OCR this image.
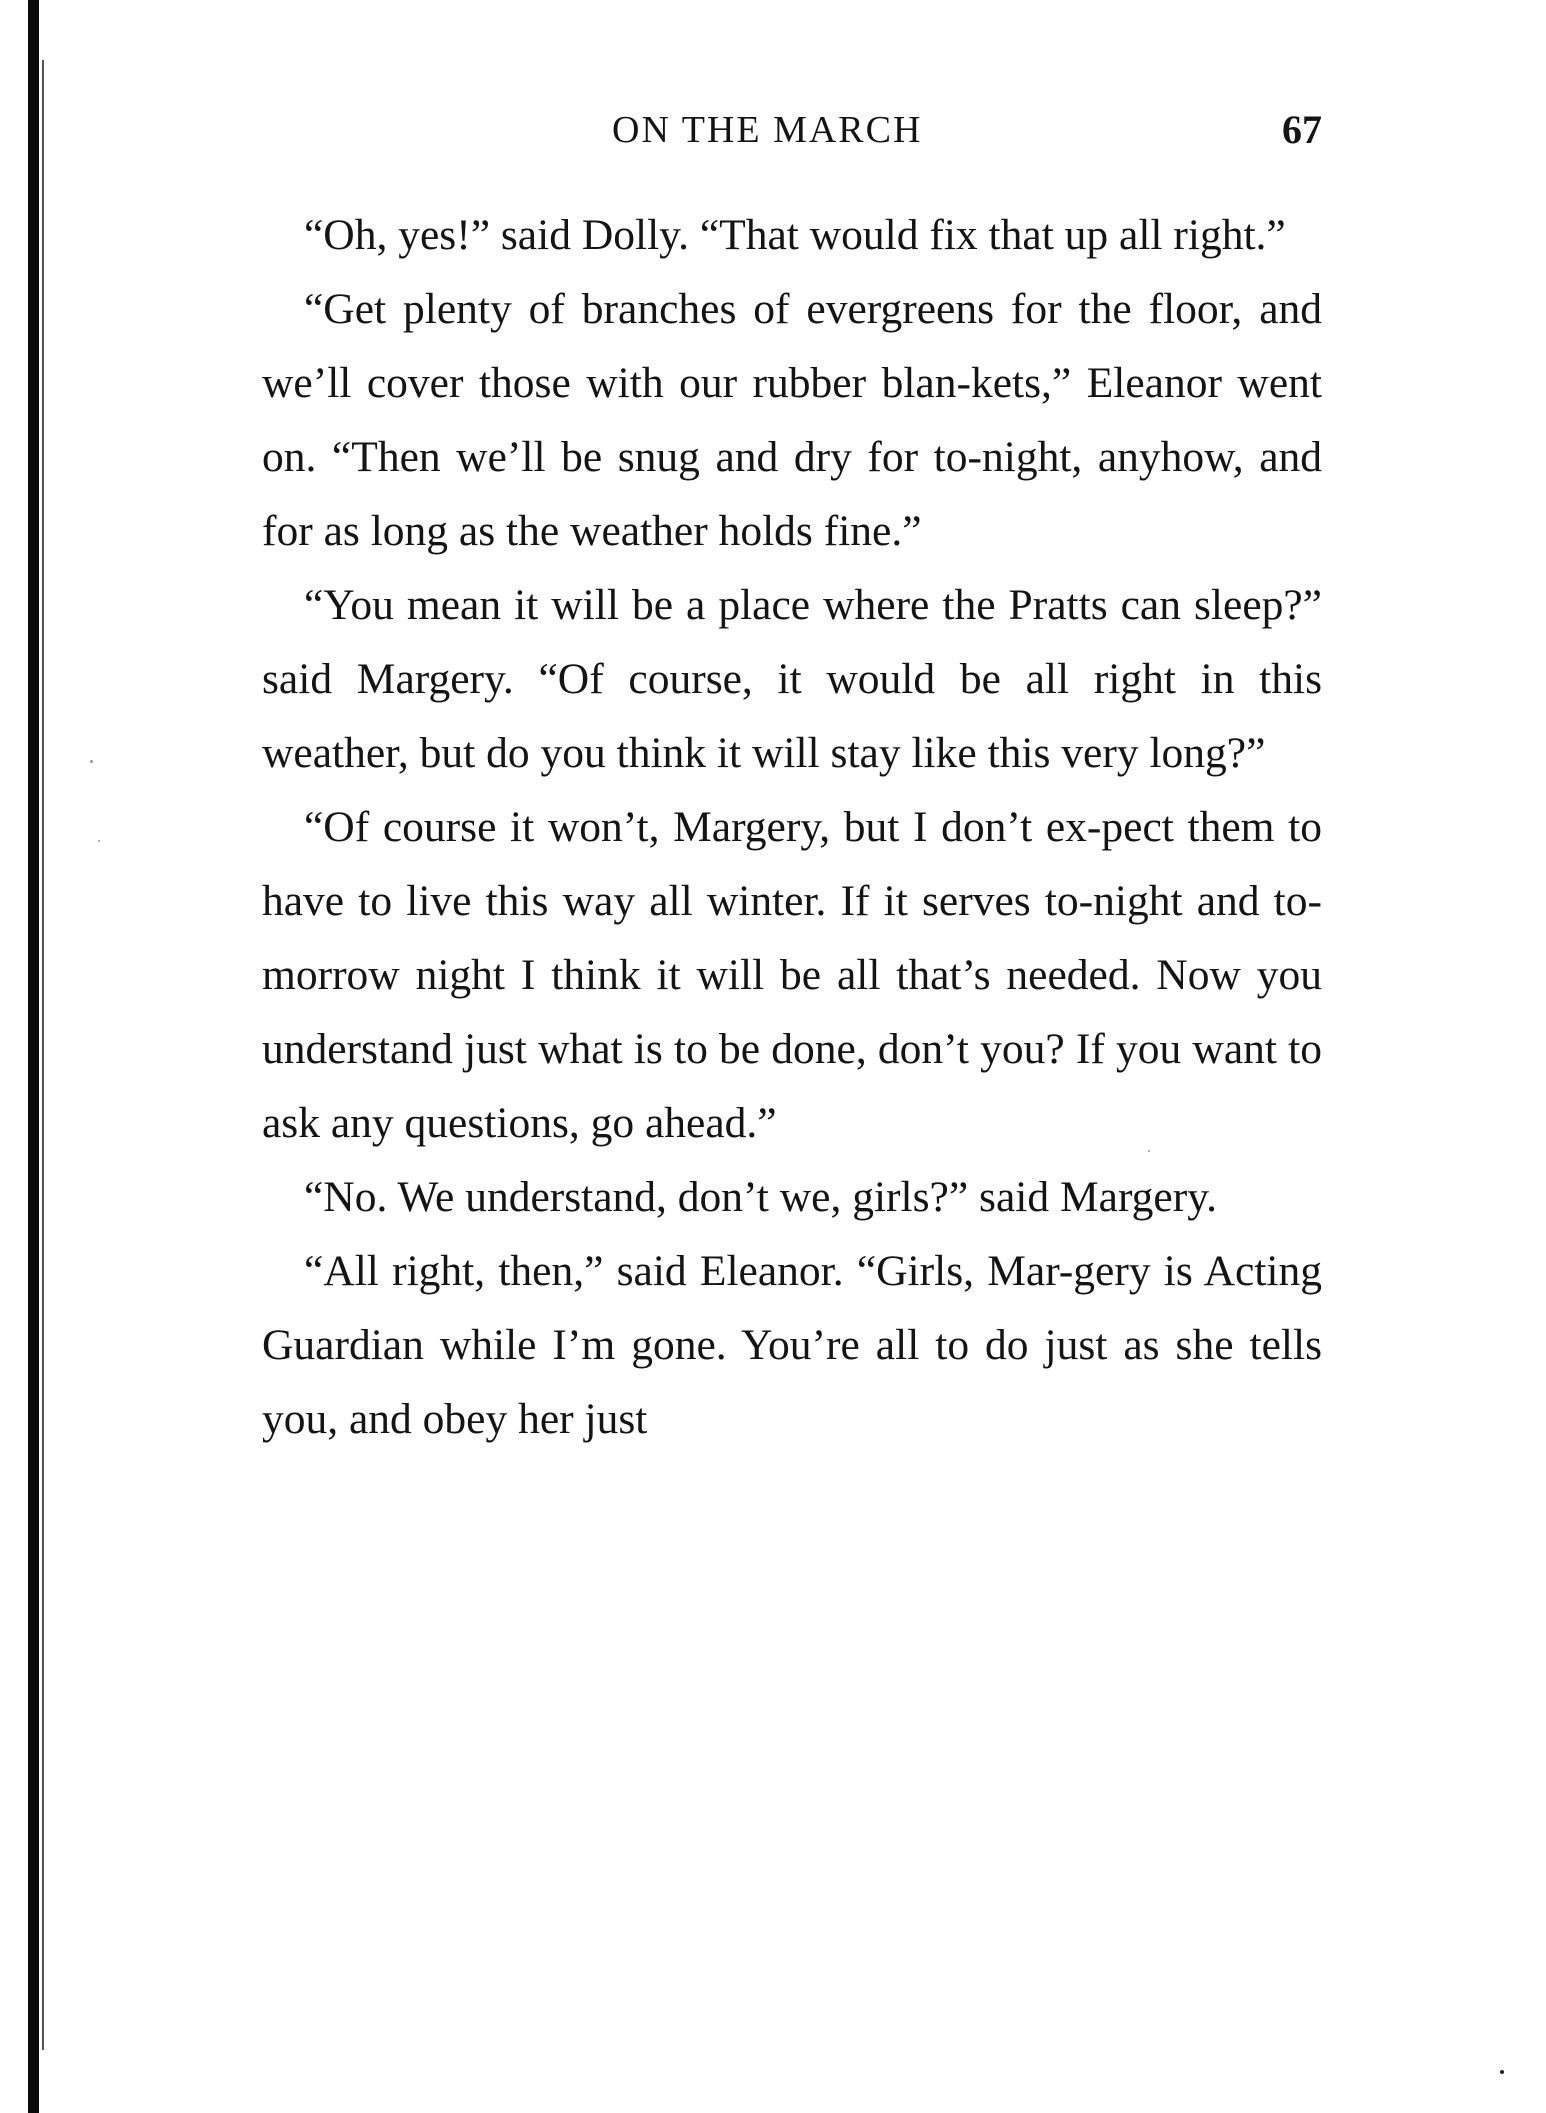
ON THE MARCH	67

“Oh, yes!” said Dolly. “That would fix that up all right.”

“Get plenty of branches of evergreens for the floor, and we’ll cover those with our rubber blan-kets,” Eleanor went on. “Then we’ll be snug and dry for to-night, anyhow, and for as long as the weather holds fine.”

“You mean it will be a place where the Pratts can sleep?” said Margery. “Of course, it would be all right in this weather, but do you think it will stay like this very long?”

“Of course it won’t, Margery, but I don’t ex-pect them to have to live this way all winter. If it serves to-night and to-morrow night I think it will be all that’s needed. Now you understand just what is to be done, don’t you? If you want to ask any questions, go ahead.”

“No. We understand, don’t we, girls?” said Margery.

“All right, then,” said Eleanor. “Girls, Mar-gery is Acting Guardian while I’m gone. You’re all to do just as she tells you, and obey her just
